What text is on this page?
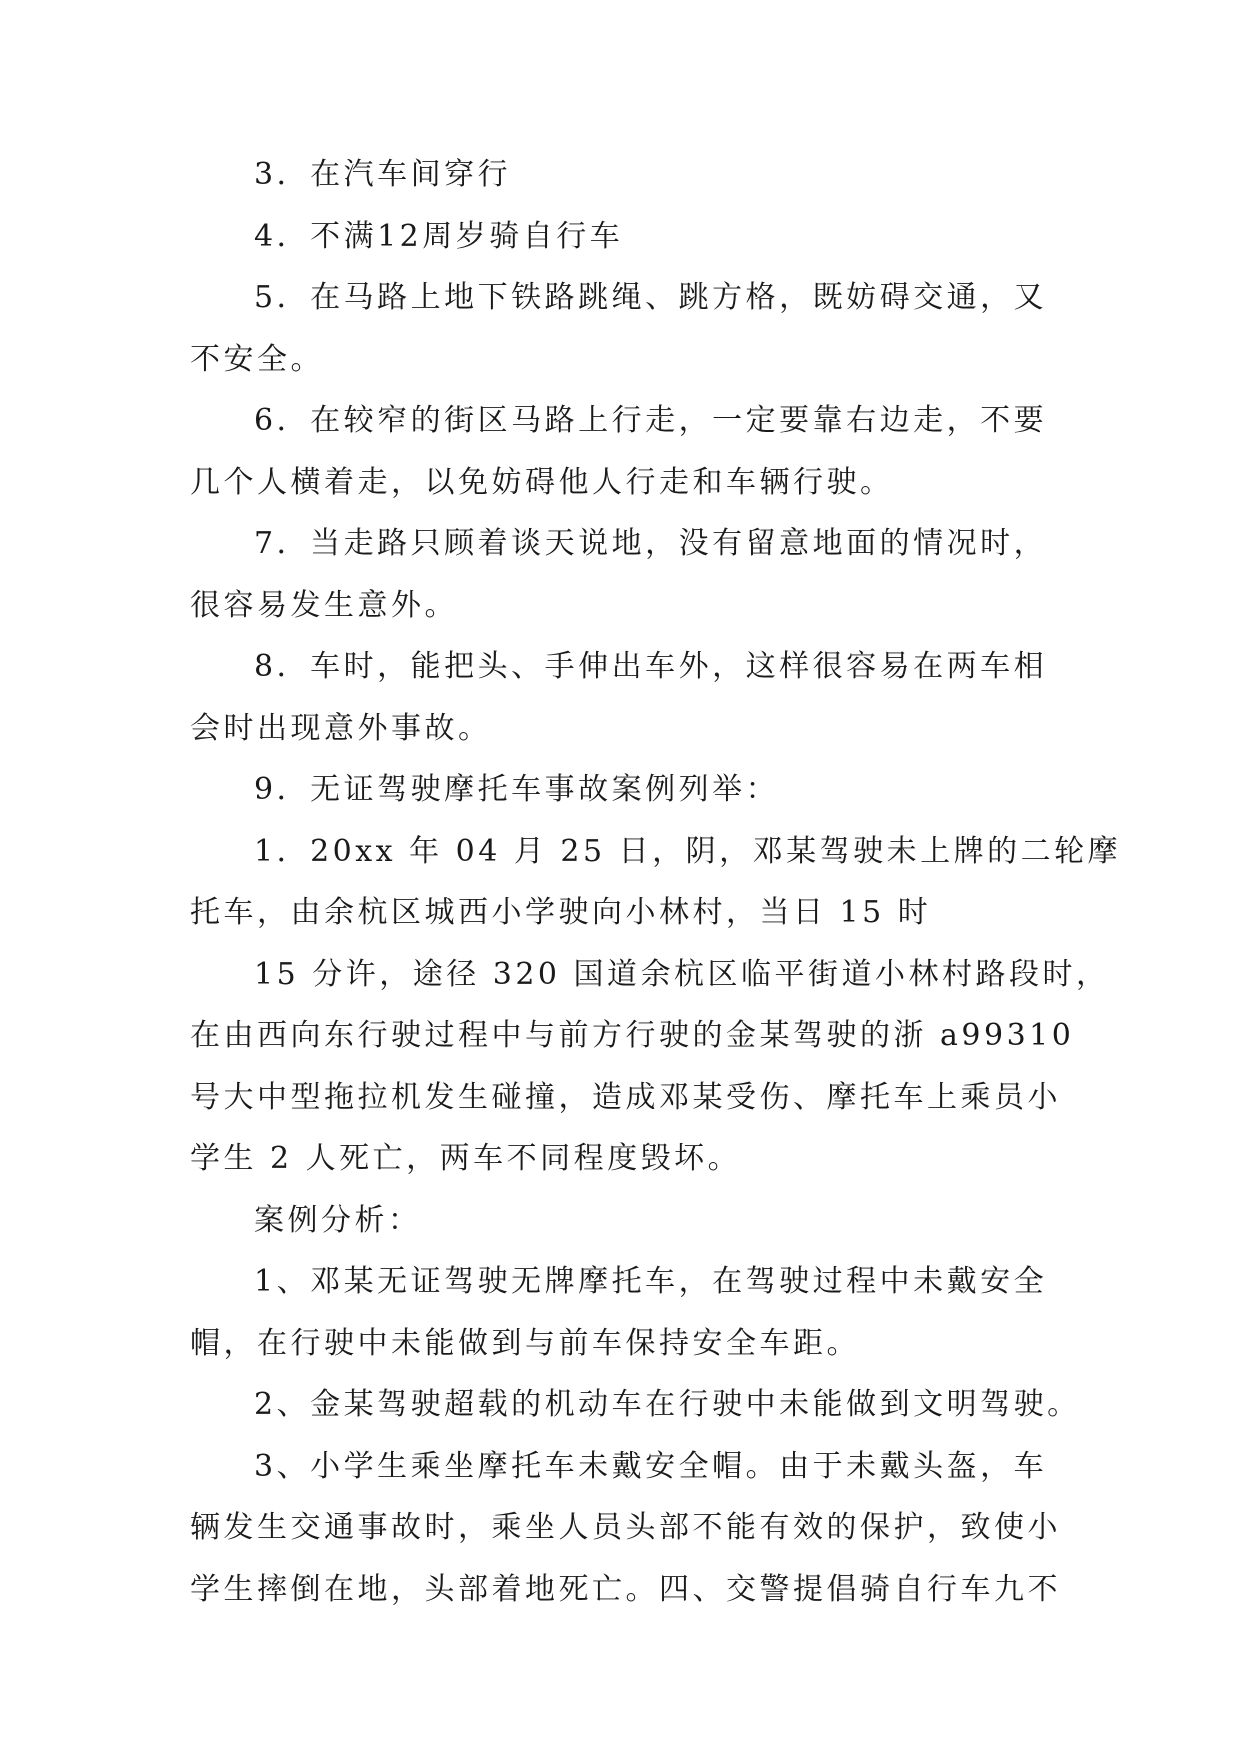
3．在汽车间穿行
4．不满12周岁骑自行车
5．在马路上地下铁路跳绳、跳方格，既妨碍交通，又
不安全。
6．在较窄的街区马路上行走，一定要靠右边走，不要
几个人横着走，以免妨碍他人行走和车辆行驶。
7．当走路只顾着谈天说地，没有留意地面的情况时，
很容易发生意外。
8．车时，能把头、手伸出车外，这样很容易在两车相
会时出现意外事故。
9．无证驾驶摩托车事故案例列举：
1．20xx 年 04 月 25 日，阴，邓某驾驶未上牌的二轮摩
托车，由余杭区城西小学驶向小林村，当日 15 时
15 分许，途径 320 国道余杭区临平街道小林村路段时，
在由西向东行驶过程中与前方行驶的金某驾驶的浙 a99310
号大中型拖拉机发生碰撞，造成邓某受伤、摩托车上乘员小
学生 2 人死亡，两车不同程度毁坏。
案例分析：
1、邓某无证驾驶无牌摩托车，在驾驶过程中未戴安全
帽，在行驶中未能做到与前车保持安全车距。
2、金某驾驶超载的机动车在行驶中未能做到文明驾驶。
3、小学生乘坐摩托车未戴安全帽。由于未戴头盔，车
辆发生交通事故时，乘坐人员头部不能有效的保护，致使小
学生摔倒在地，头部着地死亡。四、交警提倡骑自行车九不
